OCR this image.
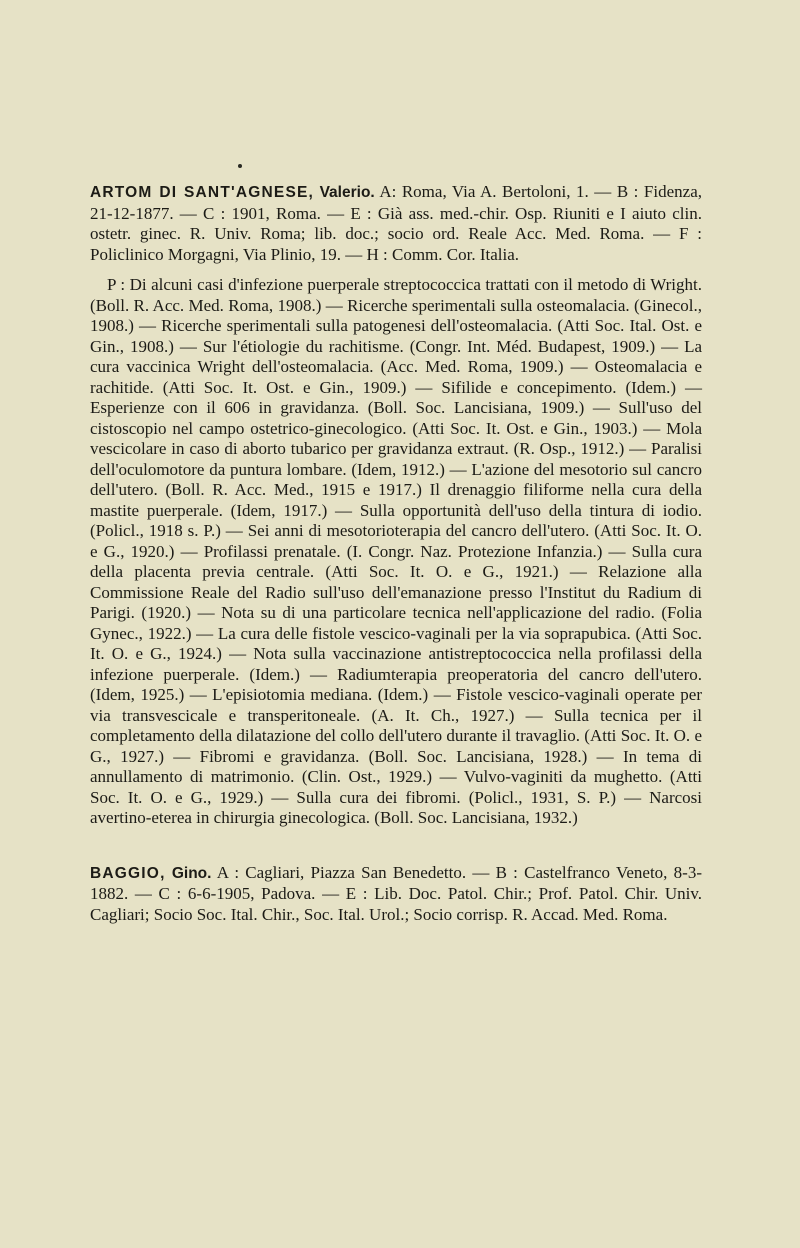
ARTOM DI SANT'AGNESE, Valerio. A: Roma, Via A. Bertoloni, 1. — B : Fidenza, 21-12-1877. — C : 1901, Roma. — E : Già ass. med.-chir. Osp. Riuniti e I aiuto clin. ostetr. ginec. R. Univ. Roma; lib. doc.; socio ord. Reale Acc. Med. Roma. — F : Policlinico Morgagni, Via Plinio, 19. — H : Comm. Cor. Italia.

P : Di alcuni casi d'infezione puerperale streptococcica trattati con il metodo di Wright. (Boll. R. Acc. Med. Roma, 1908.) — Ricerche sperimentali sulla osteomalacia. (Ginecol., 1908.) — Ricerche sperimentali sulla patogenesi dell'osteomalacia. (Atti Soc. Ital. Ost. e Gin., 1908.) — Sur l'étiologie du rachitisme. (Congr. Int. Méd. Budapest, 1909.) — La cura vaccinica Wright dell'osteomalacia. (Acc. Med. Roma, 1909.) — Osteomalacia e rachitide. (Atti Soc. It. Ost. e Gin., 1909.) — Sifilide e concepimento. (Idem.) — Esperienze con il 606 in gravidanza. (Boll. Soc. Lancisiana, 1909.) — Sull'uso del cistoscopio nel campo ostetrico-ginecologico. (Atti Soc. It. Ost. e Gin., 1903.) — Mola vescicolare in caso di aborto tubarico per gravidanza extraut. (R. Osp., 1912.) — Paralisi dell'oculomotore da puntura lombare. (Idem, 1912.) — L'azione del mesotorio sul cancro dell'utero. (Boll. R. Acc. Med., 1915 e 1917.) Il drenaggio filiforme nella cura della mastite puerperale. (Idem, 1917.) — Sulla opportunità dell'uso della tintura di iodio. (Policl., 1918 s. P.) — Sei anni di mesotorioterapia del cancro dell'utero. (Atti Soc. It. O. e G., 1920.) — Profilassi prenatale. (I. Congr. Naz. Protezione Infanzia.) — Sulla cura della placenta previa centrale. (Atti Soc. It. O. e G., 1921.) — Relazione alla Commissione Reale del Radio sull'uso dell'emanazione presso l'Institut du Radium di Parigi. (1920.) — Nota su di una particolare tecnica nell'applicazione del radio. (Folia Gynec., 1922.) — La cura delle fistole vescico-vaginali per la via soprapubica. (Atti Soc. It. O. e G., 1924.) — Nota sulla vaccinazione antistreptococcica nella profilassi della infezione puerperale. (Idem.) — Radiumterapia preoperatoria del cancro dell'utero. (Idem, 1925.) — L'episiotomia mediana. (Idem.) — Fistole vescico-vaginali operate per via transvescicale e transperitoneale. (A. It. Ch., 1927.) — Sulla tecnica per il completamento della dilatazione del collo dell'utero durante il travaglio. (Atti Soc. It. O. e G., 1927.) — Fibromi e gravidanza. (Boll. Soc. Lancisiana, 1928.) — In tema di annullamento di matrimonio. (Clin. Ost., 1929.) — Vulvo-vaginiti da mughetto. (Atti Soc. It. O. e G., 1929.) — Sulla cura dei fibromi. (Policl., 1931, S. P.) — Narcosi avertino-eterea in chirurgia ginecologica. (Boll. Soc. Lancisiana, 1932.)

BAGGIO, Gino. A : Cagliari, Piazza San Benedetto. — B : Castelfranco Veneto, 8-3-1882. — C : 6-6-1905, Padova. — E : Lib. Doc. Patol. Chir.; Prof. Patol. Chir. Univ. Cagliari; Socio Soc. Ital. Chir., Soc. Ital. Urol.; Socio corrisp. R. Accad. Med. Roma.
